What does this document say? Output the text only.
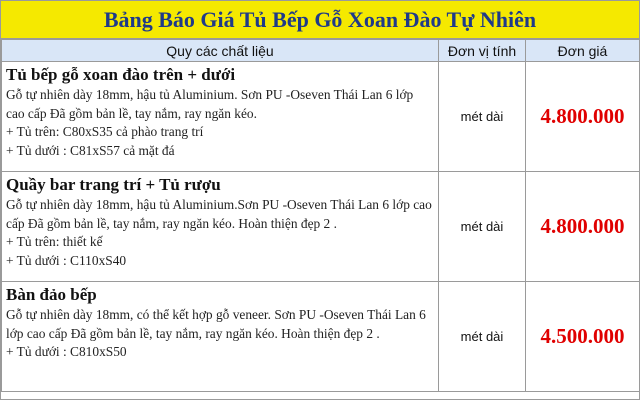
Bảng Báo Giá Tủ Bếp Gỗ Xoan Đào Tự Nhiên
Quy các chất liệu	Đơn vị tính	Đơn giá

Tủ bếp gỗ xoan đào trên + dưới
Gỗ tự nhiên dày 18mm, hậu tủ Aluminium. Sơn PU -Oseven Thái Lan 6 lớp cao cấp Đã gồm bản lề, tay nắm, ray ngăn kéo.
+ Tủ trên: C80xS35 cả phào trang trí
+ Tủ dưới : C81xS57 cả mặt đá	mét dài	4.800.000

Quầy bar trang trí + Tủ rượu
Gỗ tự nhiên dày 18mm, hậu tủ Aluminium.Sơn PU -Oseven Thái Lan 6 lớp cao cấp Đã gồm bản lề, tay nắm, ray ngăn kéo. Hoàn thiện đẹp 2 .
+ Tủ trên: thiết kế
+ Tủ dưới : C110xS40	mét dài	4.800.000

Bàn đảo bếp
Gỗ tự nhiên dày 18mm, có thể kết hợp gỗ veneer. Sơn PU -Oseven Thái Lan 6 lớp cao cấp Đã gồm bản lề, tay nắm, ray ngăn kéo. Hoàn thiện đẹp 2 .
+ Tủ dưới : C810xS50	mét dài	4.500.000
